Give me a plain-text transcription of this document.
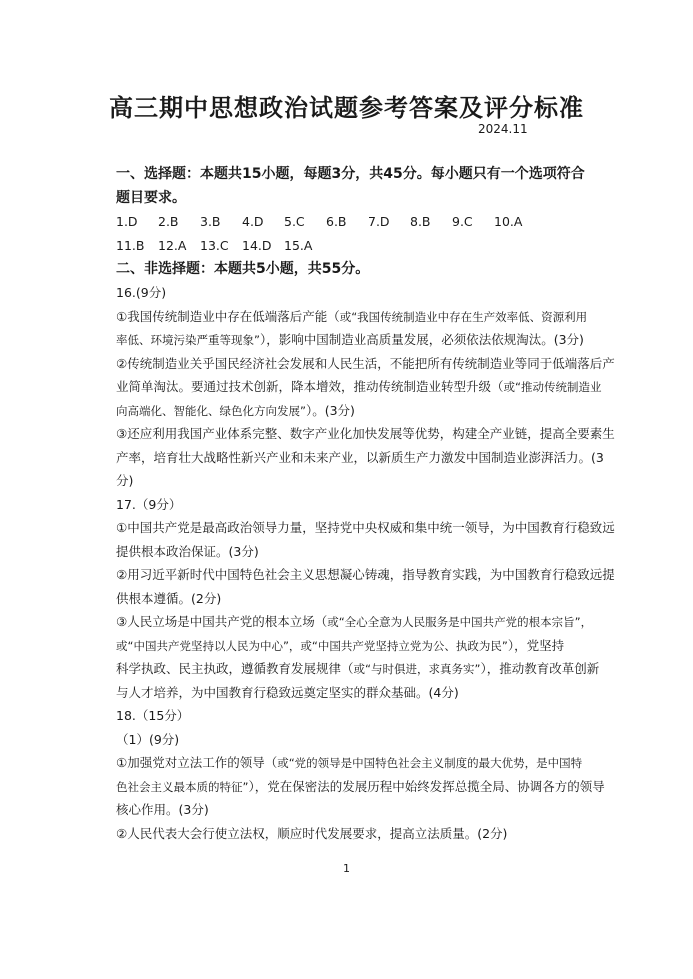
高三期中思想政治试题参考答案及评分标准
2024.11
一、选择题：本题共15小题，每题3分，共45分。每小题只有一个选项符合
题目要求。
1.D 2.B 3.B 4.D 5.C 6.B 7.D 8.B 9.C 10.A
11.B 12.A 13.C 14.D 15.A
二、非选择题：本题共5小题，共55分。
16.(9分)
①我国传统制造业中存在低端落后产能（或“我国传统制造业中存在生产效率低、资源利用
率低、环境污染严重等现象”），影响中国制造业高质量发展，必须依法依规淘汰。(3分)
②传统制造业关乎国民经济社会发展和人民生活，不能把所有传统制造业等同于低端落后产
业简单淘汰。要通过技术创新，降本增效，推动传统制造业转型升级（或“推动传统制造业
向高端化、智能化、绿色化方向发展”）。(3分)
③还应利用我国产业体系完整、数字产业化加快发展等优势，构建全产业链，提高全要素生
产率，培育壮大战略性新兴产业和未来产业，以新质生产力激发中国制造业澎湃活力。(3
分)
17.（9分）
①中国共产党是最高政治领导力量，坚持党中央权威和集中统一领导，为中国教育行稳致远
提供根本政治保证。(3分)
②用习近平新时代中国特色社会主义思想凝心铸魂，指导教育实践，为中国教育行稳致远提
供根本遵循。(2分)
③人民立场是中国共产党的根本立场（或“全心全意为人民服务是中国共产党的根本宗旨”，
或“中国共产党坚持以人民为中心”，或“中国共产党坚持立党为公、执政为民”），党坚持
科学执政、民主执政，遵循教育发展规律（或“与时俱进，求真务实”），推动教育改革创新
与人才培养，为中国教育行稳致远奠定坚实的群众基础。(4分)
18.（15分）
（1）(9分)
①加强党对立法工作的领导（或“党的领导是中国特色社会主义制度的最大优势，是中国特
色社会主义最本质的特征”），党在保密法的发展历程中始终发挥总揽全局、协调各方的领导
核心作用。(3分)
②人民代表大会行使立法权，顺应时代发展要求，提高立法质量。(2分)
1
